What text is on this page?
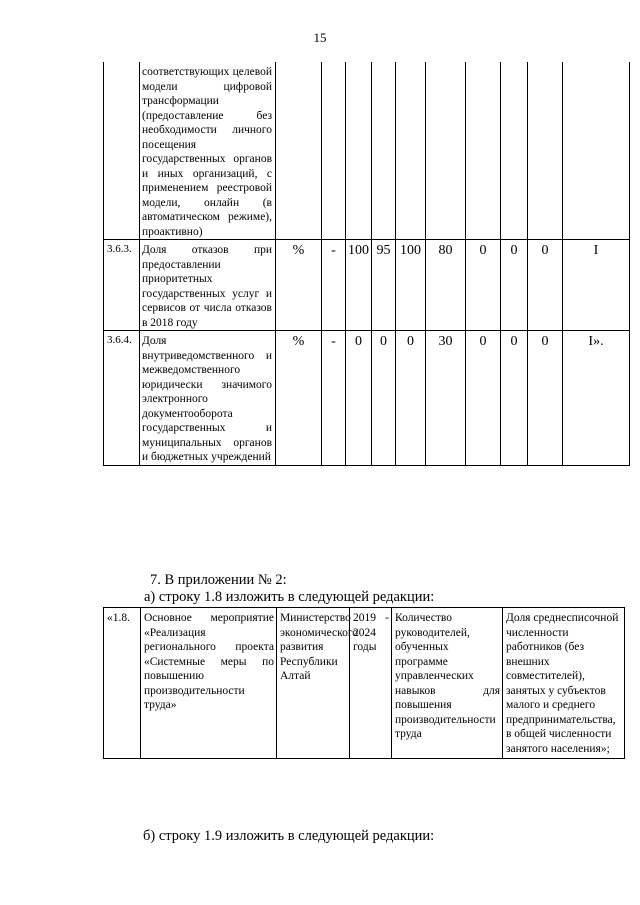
15
	соответствующих целевой модели цифровой трансформации (предоставление без необходимости личного посещения государственных органов и иных организаций, с применением реестровой модели, онлайн (в автоматическом режиме), проактивно)										
3.6.3.	Доля отказов при предоставлении приоритетных государственных услуг и сервисов от числа отказов в 2018 году	%	-	100	95	100	80	0	0	0	I
3.6.4.	Доля внутриведомственного и межведомственного юридически значимого электронного документооборота государственных и муниципальных органов и бюджетных учреждений	%	-	0	0	0	30	0	0	0	I».
7. В приложении № 2:
а) строку 1.8 изложить в следующей редакции:
«1.8.	Основное мероприятие «Реализация регионального проекта «Системные меры по повышению производительности труда»	Министерство экономического развития Республики Алтай	2019 - 2024 годы	Количество руководителей, обученных программе управленческих навыков для повышения производительности труда	Доля среднесписочной численности работников (без внешних совместителей), занятых у субъектов малого и среднего предпринимательства, в общей численности занятого населения»;
б) строку 1.9 изложить в следующей редакции:
